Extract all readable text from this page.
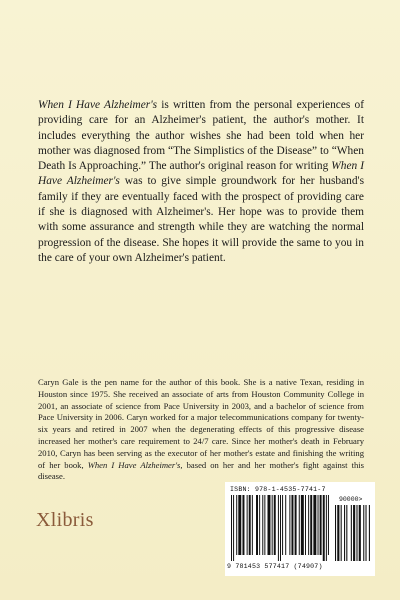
When I Have Alzheimer's is written from the personal experiences of providing care for an Alzheimer's patient, the author's mother. It includes everything the author wishes she had been told when her mother was diagnosed from “The Simplistics of the Disease” to “When Death Is Approaching.” The author's original reason for writing When I Have Alzheimer's was to give simple groundwork for her husband's family if they are eventually faced with the prospect of providing care if she is diagnosed with Alzheimer's. Her hope was to provide them with some assurance and strength while they are watching the normal progression of the disease. She hopes it will provide the same to you in the care of your own Alzheimer's patient.

Caryn Gale is the pen name for the author of this book. She is a native Texan, residing in Houston since 1975. She received an associate of arts from Houston Community College in 2001, an associate of science from Pace University in 2003, and a bachelor of science from Pace University in 2006. Caryn worked for a major telecommunications company for twenty-six years and retired in 2007 when the degenerating effects of this progressive disease increased her mother's care requirement to 24/7 care. Since her mother's death in February 2010, Caryn has been serving as the executor of her mother's estate and finishing the writing of her book, When I Have Alzheimer's, based on her and her mother's fight against this disease.

Xlibris
ISBN: 978-1-4535-7741-7
90000>
9 781453 577417 (74907)
